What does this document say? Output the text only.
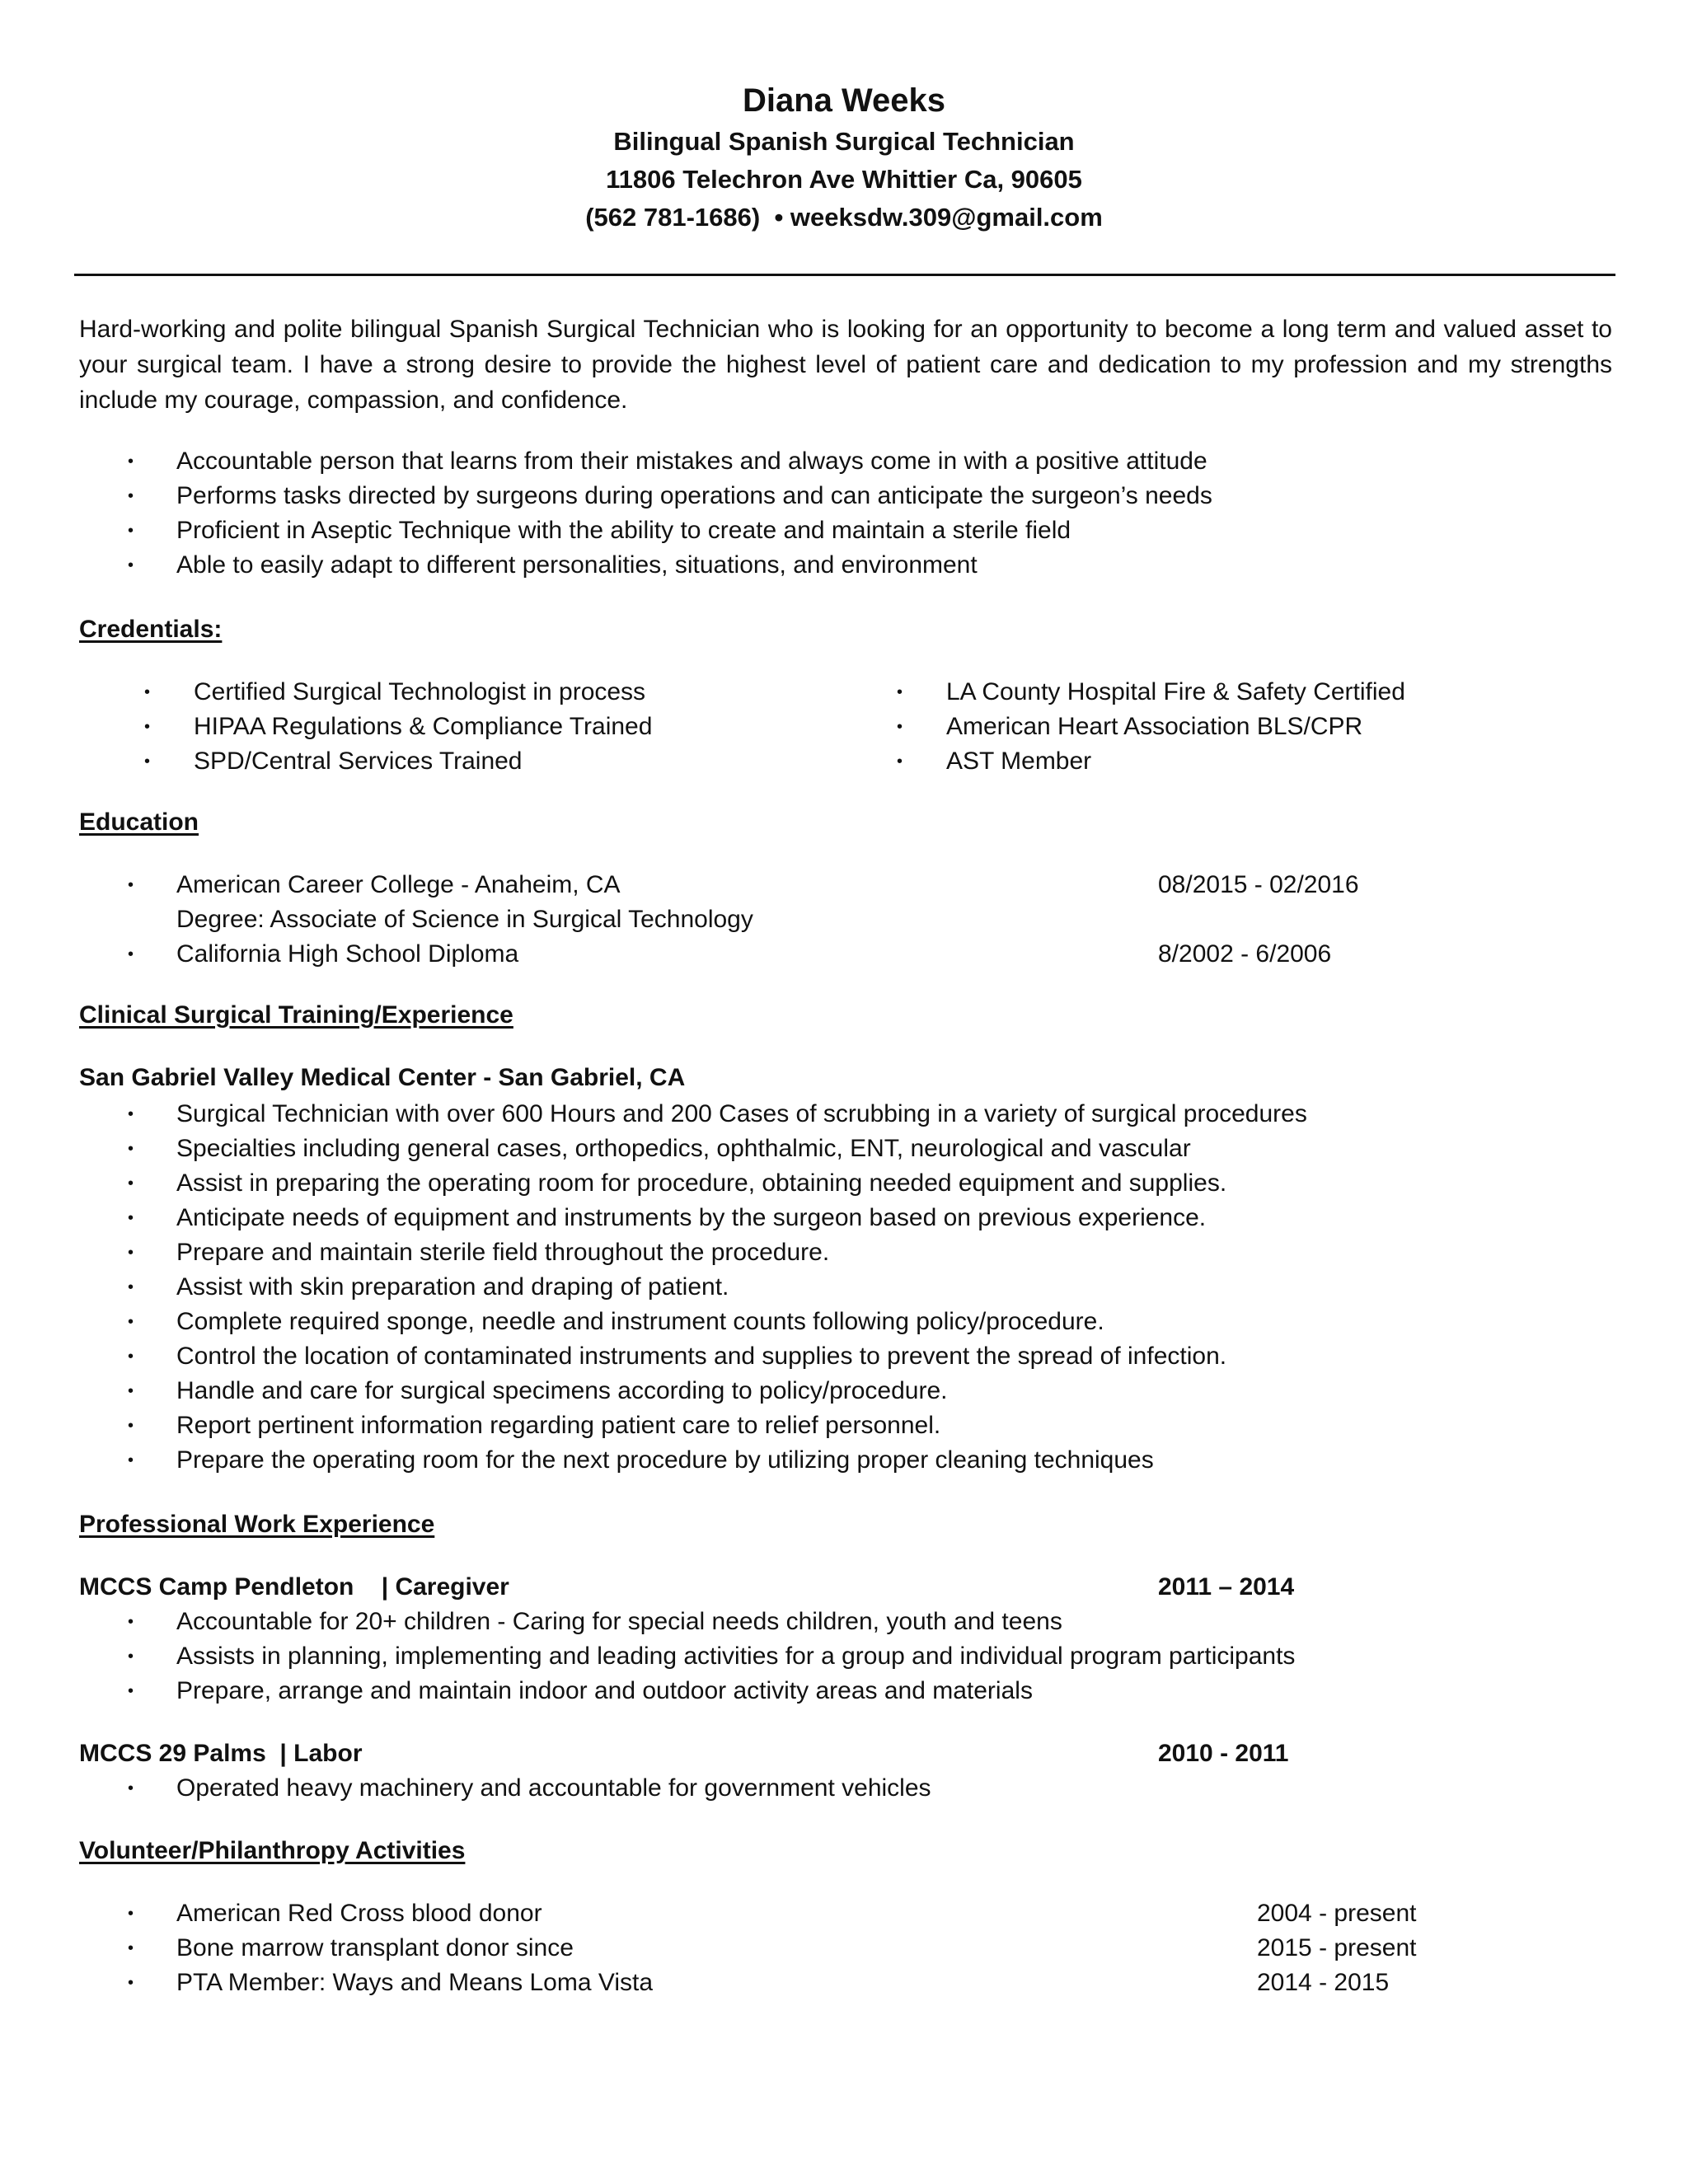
Diana Weeks
Bilingual Spanish Surgical Technician
11806 Telechron Ave Whittier Ca, 90605
(562 781-1686) • weeksdw.309@gmail.com
Hard-working and polite bilingual Spanish Surgical Technician who is looking for an opportunity to become a long term and valued asset to your surgical team. I have a strong desire to provide the highest level of patient care and dedication to my profession and my strengths include my courage, compassion, and confidence.
• Accountable person that learns from their mistakes and always come in with a positive attitude
• Performs tasks directed by surgeons during operations and can anticipate the surgeon’s needs
• Proficient in Aseptic Technique with the ability to create and maintain a sterile field
• Able to easily adapt to different personalities, situations, and environment
Credentials:
• Certified Surgical Technologist in process
• HIPAA Regulations & Compliance Trained
• SPD/Central Services Trained
• LA County Hospital Fire & Safety Certified
• American Heart Association BLS/CPR
• AST Member
Education
• American Career College - Anaheim, CA	08/2015 - 02/2016
Degree: Associate of Science in Surgical Technology
• California High School Diploma	8/2002 - 6/2006
Clinical Surgical Training/Experience
San Gabriel Valley Medical Center - San Gabriel, CA
• Surgical Technician with over 600 Hours and 200 Cases of scrubbing in a variety of surgical procedures
• Specialties including general cases, orthopedics, ophthalmic, ENT, neurological and vascular
• Assist in preparing the operating room for procedure, obtaining needed equipment and supplies.
• Anticipate needs of equipment and instruments by the surgeon based on previous experience.
• Prepare and maintain sterile field throughout the procedure.
• Assist with skin preparation and draping of patient.
• Complete required sponge, needle and instrument counts following policy/procedure.
• Control the location of contaminated instruments and supplies to prevent the spread of infection.
• Handle and care for surgical specimens according to policy/procedure.
• Report pertinent information regarding patient care to relief personnel.
• Prepare the operating room for the next procedure by utilizing proper cleaning techniques
Professional Work Experience
MCCS Camp Pendleton    | Caregiver	2011 – 2014
• Accountable for 20+ children - Caring for special needs children, youth and teens
• Assists in planning, implementing and leading activities for a group and individual program participants
• Prepare, arrange and maintain indoor and outdoor activity areas and materials
MCCS 29 Palms  | Labor	2010 - 2011
• Operated heavy machinery and accountable for government vehicles
Volunteer/Philanthropy Activities
• American Red Cross blood donor	2004 - present
• Bone marrow transplant donor since	2015 - present
• PTA Member: Ways and Means Loma Vista	2014 - 2015
